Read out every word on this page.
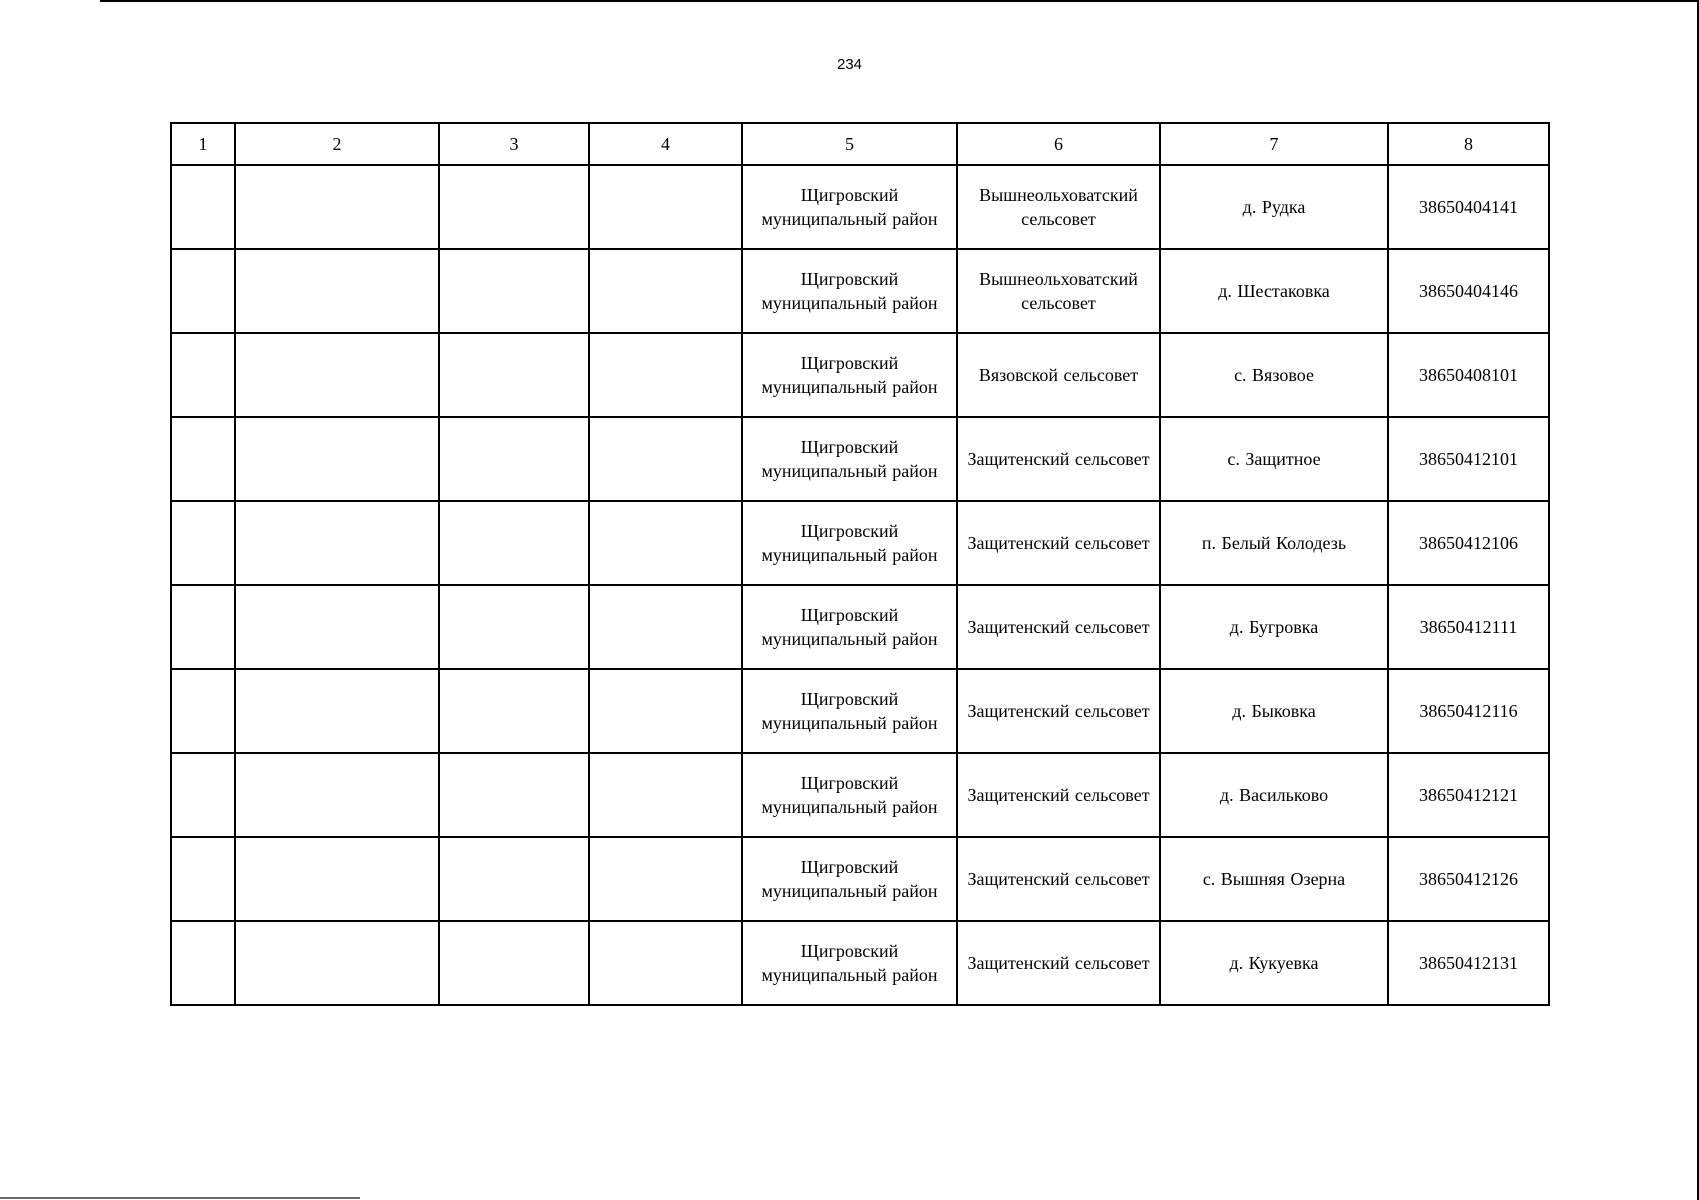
234
1	2	3	4	5	6	7	8
				Щигровский муниципальный район	Вышнеольховатский сельсовет	д. Рудка	38650404141
				Щигровский муниципальный район	Вышнеольховатский сельсовет	д. Шестаковка	38650404146
				Щигровский муниципальный район	Вязовской сельсовет	с. Вязовое	38650408101
				Щигровский муниципальный район	Защитенский сельсовет	с. Защитное	38650412101
				Щигровский муниципальный район	Защитенский сельсовет	п. Белый Колодезь	38650412106
				Щигровский муниципальный район	Защитенский сельсовет	д. Бугровка	38650412111
				Щигровский муниципальный район	Защитенский сельсовет	д. Быковка	38650412116
				Щигровский муниципальный район	Защитенский сельсовет	д. Васильково	38650412121
				Щигровский муниципальный район	Защитенский сельсовет	с. Вышняя Озерна	38650412126
				Щигровский муниципальный район	Защитенский сельсовет	д. Кукуевка	38650412131
